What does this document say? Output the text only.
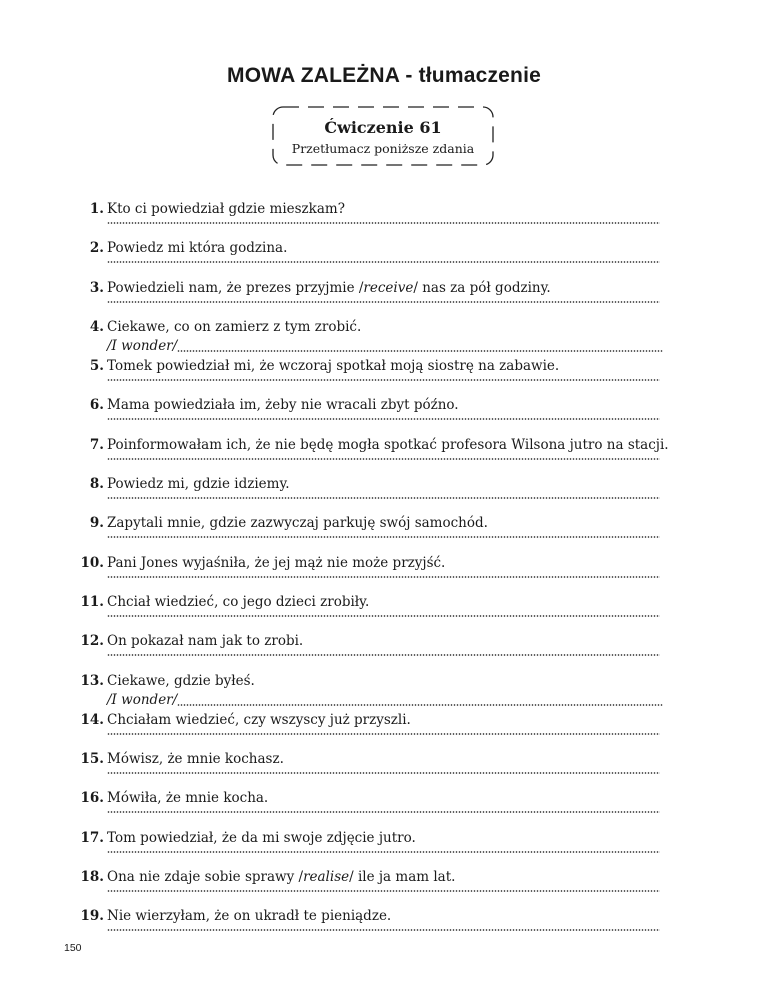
MOWA ZALEŻNA - tłumaczenie
Ćwiczenie 61
Przetłumacz poniższe zdania
1. Kto ci powiedział gdzie mieszkam?
2. Powiedz mi która godzina.
3. Powiedzieli nam, że prezes przyjmie /receive/ nas za pół godziny.
4. Ciekawe, co on zamierz z tym zrobić.
/I wonder/
5. Tomek powiedział mi, że wczoraj spotkał moją siostrę na zabawie.
6. Mama powiedziała im, żeby nie wracali zbyt późno.
7. Poinformowałam ich, że nie będę mogła spotkać profesora Wilsona jutro na stacji.
8. Powiedz mi, gdzie idziemy.
9. Zapytali mnie, gdzie zazwyczaj parkuję swój samochód.
10. Pani Jones wyjaśniła, że jej mąż nie może przyjść.
11. Chciał wiedzieć, co jego dzieci zrobiły.
12. On pokazał nam jak to zrobi.
13. Ciekawe, gdzie byłeś.
/I wonder/
14. Chciałam wiedzieć, czy wszyscy już przyszli.
15. Mówisz, że mnie kochasz.
16. Mówiła, że mnie kocha.
17. Tom powiedział, że da mi swoje zdjęcie jutro.
18. Ona nie zdaje sobie sprawy /realise/ ile ja mam lat.
19. Nie wierzyłam, że on ukradł te pieniądze.
150
